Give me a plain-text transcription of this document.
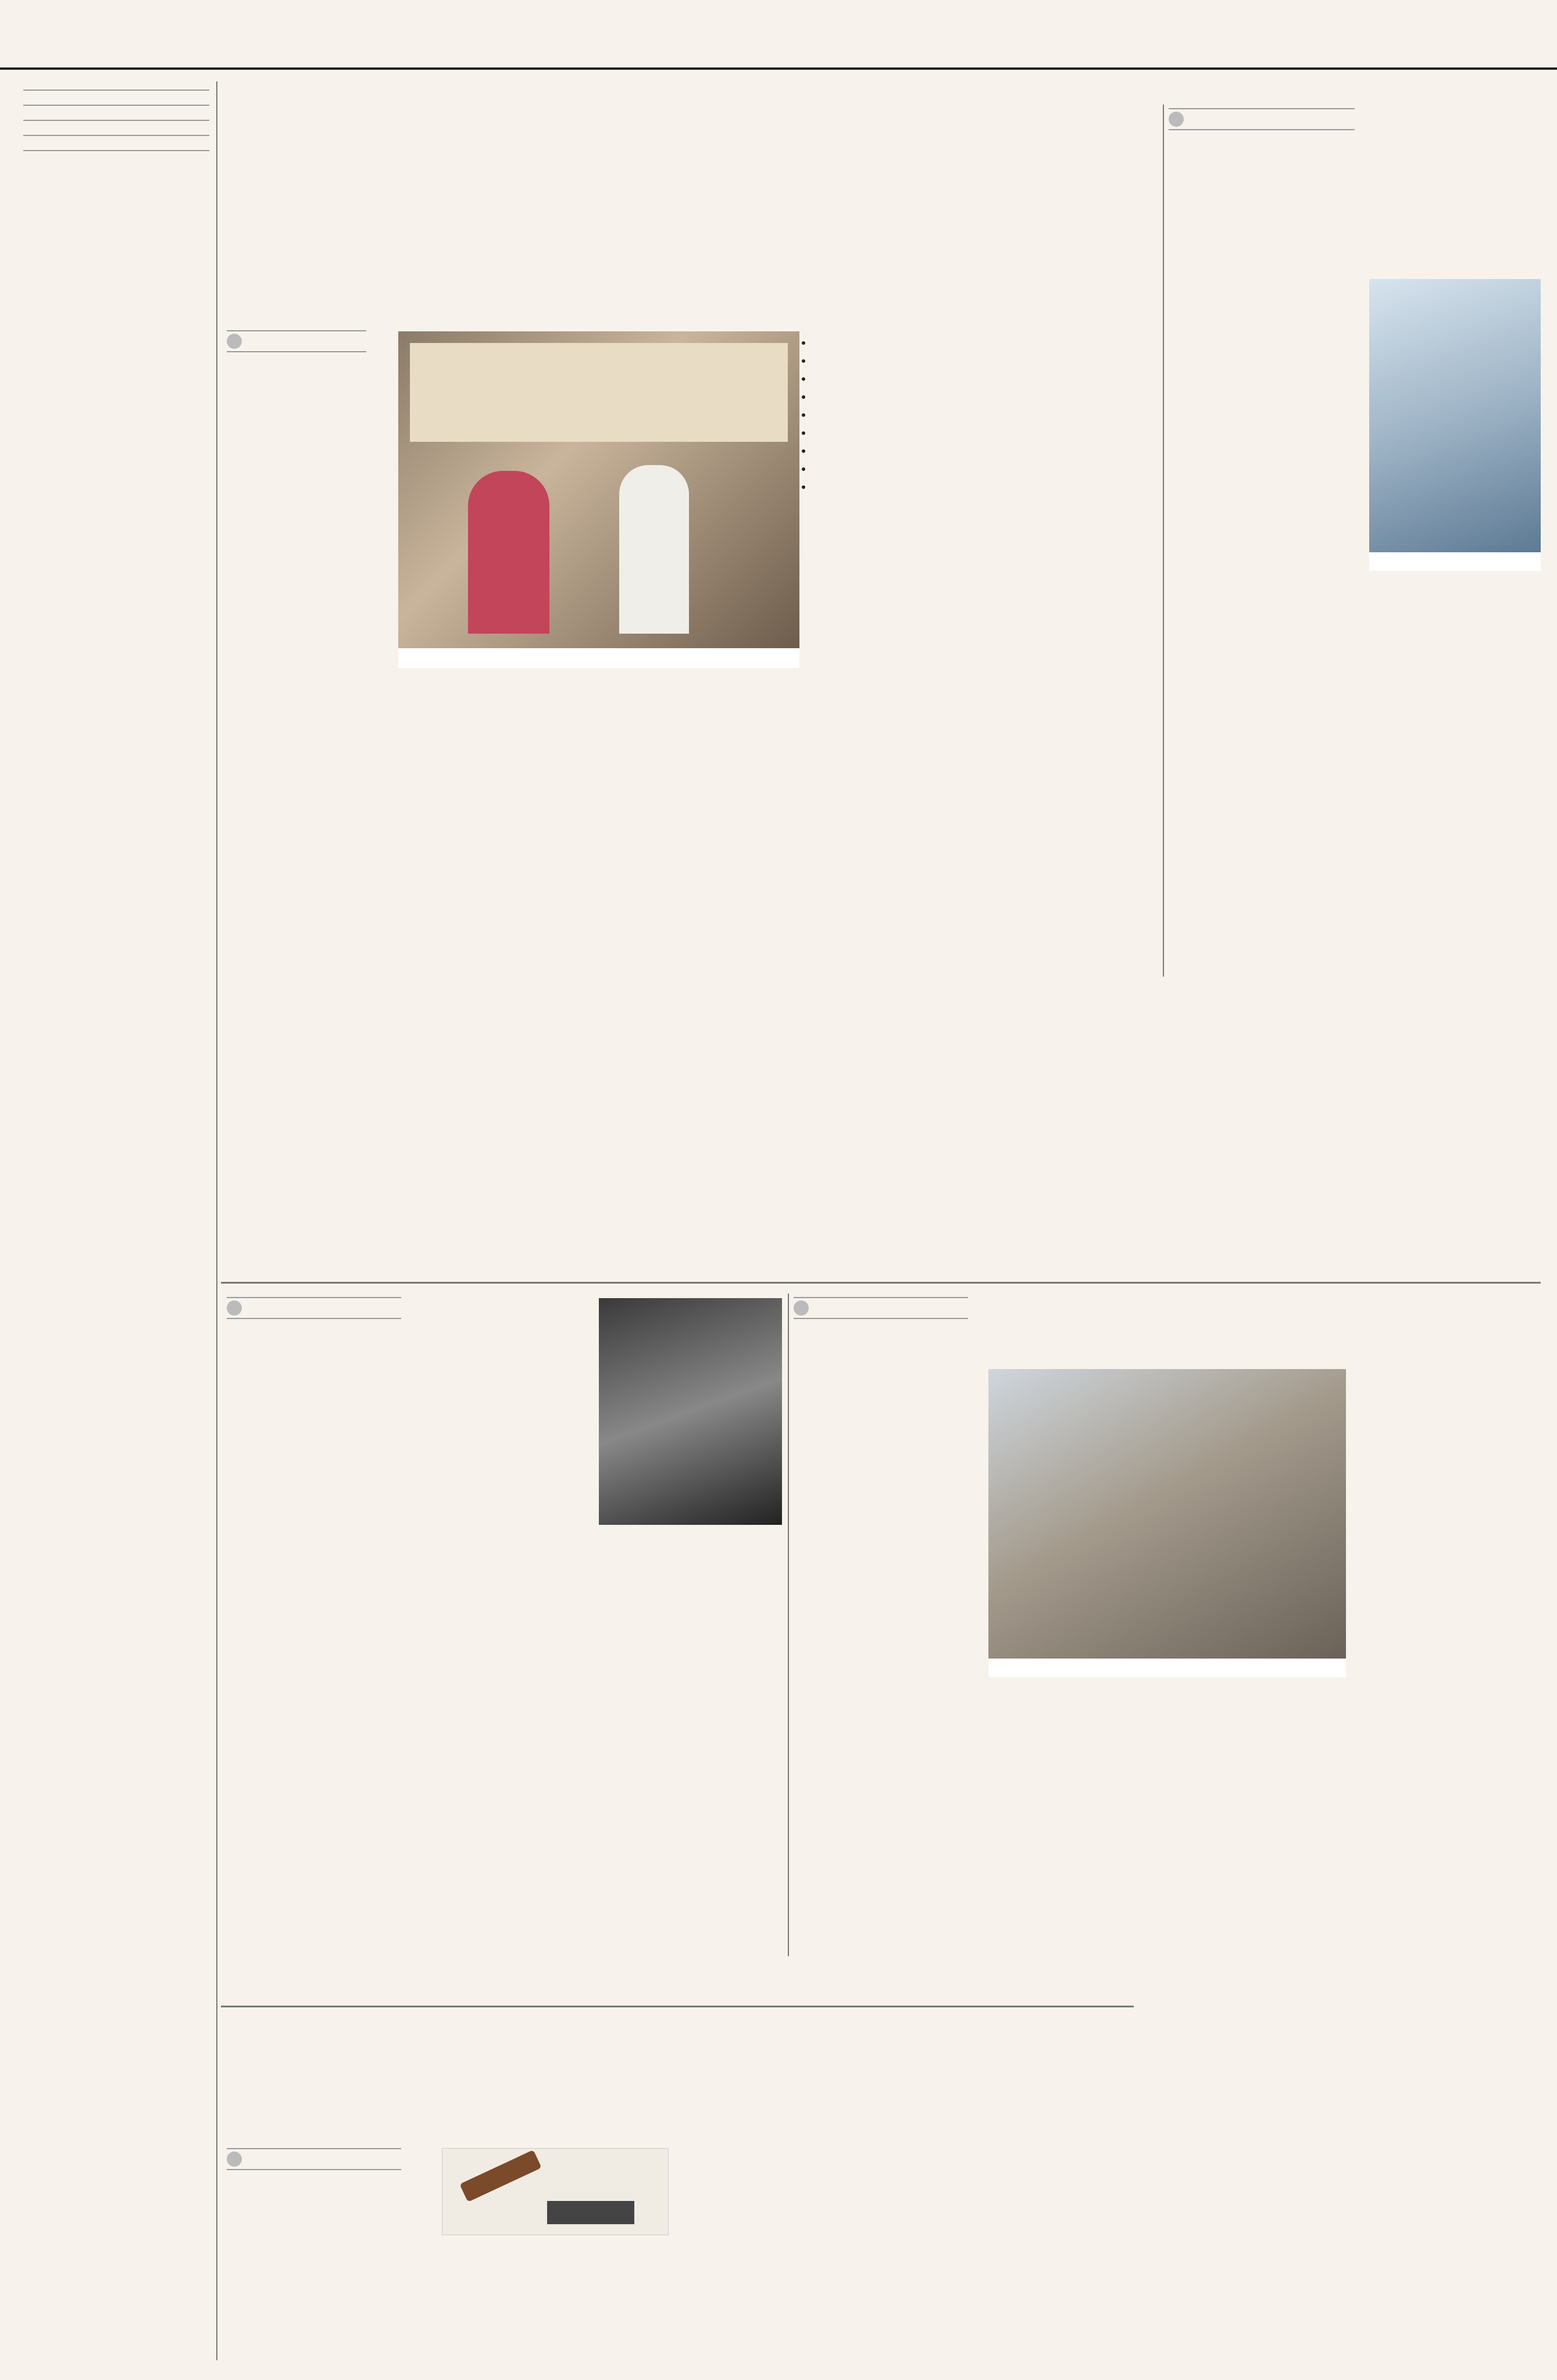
•
•
•
•
•
•
•
•
•
